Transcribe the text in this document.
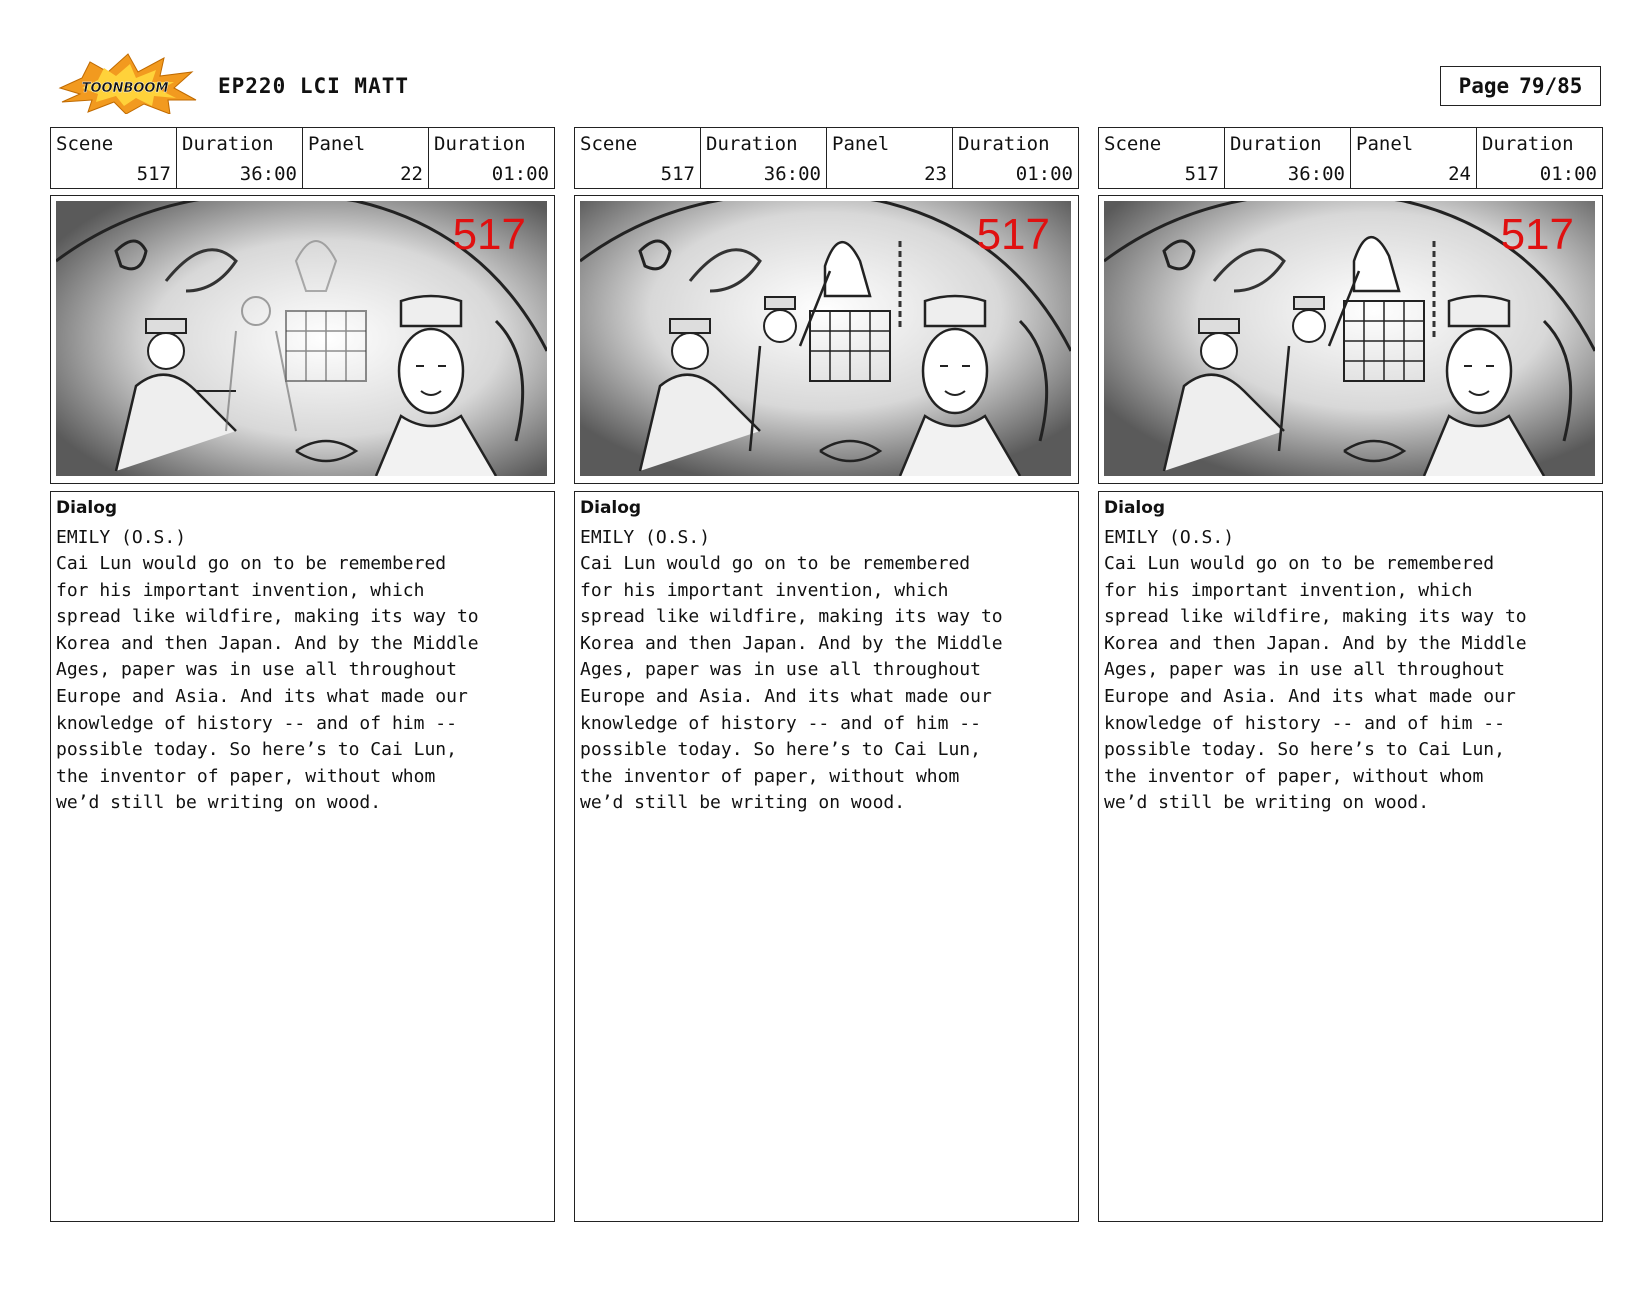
TOONBOOM EP220 LCI MATT	Page 79/85
Scene
517
Duration
36:00
Panel
22
Duration
01:00
517
Dialog
EMILY (O.S.)
Cai Lun would go on to be remembered
for his important invention, which
spread like wildfire, making its way to
Korea and then Japan. And by the Middle
Ages, paper was in use all throughout
Europe and Asia. And its what made our
knowledge of history -- and of him --
possible today. So here’s to Cai Lun,
the inventor of paper, without whom
we’d still be writing on wood.
Scene
517
Duration
36:00
Panel
23
Duration
01:00
517
Dialog
EMILY (O.S.)
Cai Lun would go on to be remembered
for his important invention, which
spread like wildfire, making its way to
Korea and then Japan. And by the Middle
Ages, paper was in use all throughout
Europe and Asia. And its what made our
knowledge of history -- and of him --
possible today. So here’s to Cai Lun,
the inventor of paper, without whom
we’d still be writing on wood.
Scene
517
Duration
36:00
Panel
24
Duration
01:00
517
Dialog
EMILY (O.S.)
Cai Lun would go on to be remembered
for his important invention, which
spread like wildfire, making its way to
Korea and then Japan. And by the Middle
Ages, paper was in use all throughout
Europe and Asia. And its what made our
knowledge of history -- and of him --
possible today. So here’s to Cai Lun,
the inventor of paper, without whom
we’d still be writing on wood.
